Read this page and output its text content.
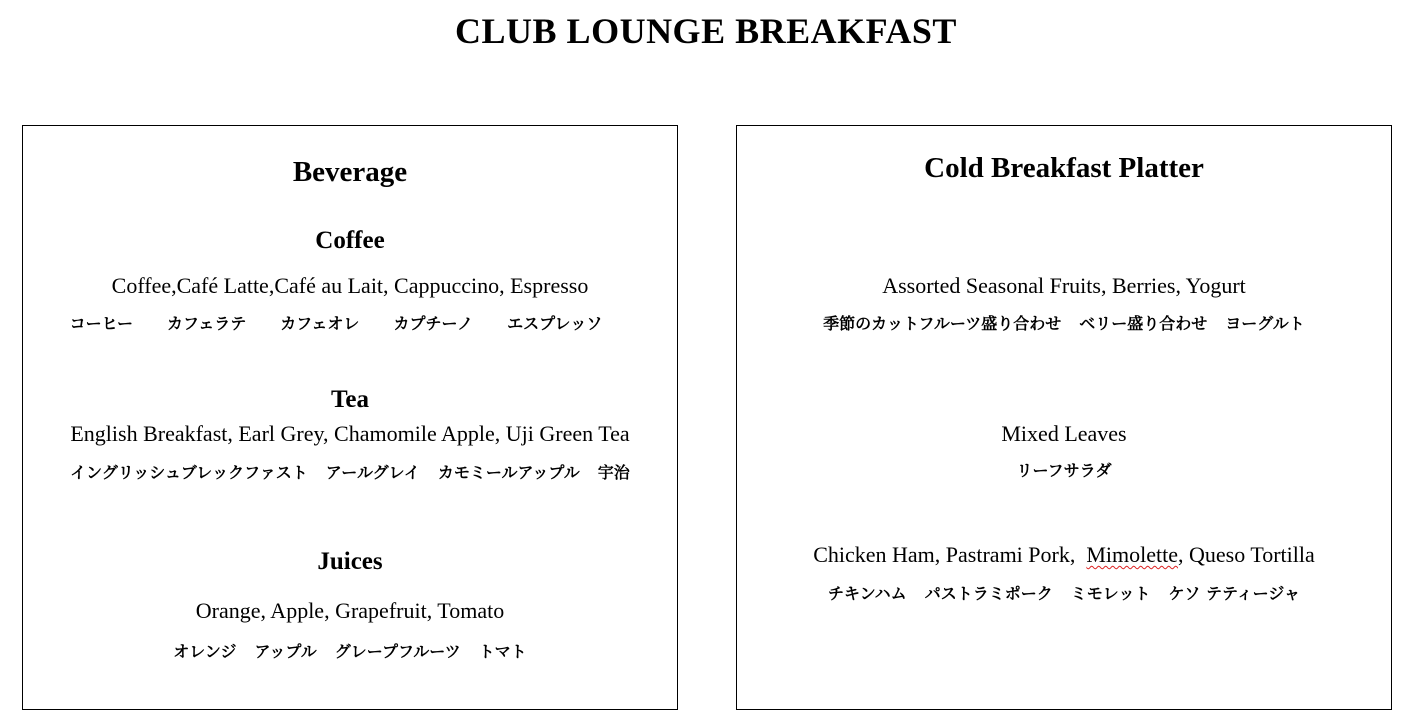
CLUB LOUNGE BREAKFAST
Beverage
Coffee
Coffee,Café Latte,Café au Lait, Cappuccino, Espresso
コーヒー カフェラテ カフェオレ カプチーノ エスプレッソ
Tea
English Breakfast, Earl Grey, Chamomile Apple, Uji Green Tea
イングリッシュブレックファスト アールグレイ カモミールアップル 宇治
Juices
Orange, Apple, Grapefruit, Tomato
オレンジ アップル グレープフルーツ トマト
Cold Breakfast Platter
Assorted Seasonal Fruits, Berries, Yogurt
季節のカットフルーツ盛り合わせ ベリー盛り合わせ ヨーグルト
Mixed Leaves
リーフサラダ
Chicken Ham, Pastrami Pork,  Mimolette, Queso Tortilla
チキンハム パストラミポーク ミモレット ケソ テティージャ
